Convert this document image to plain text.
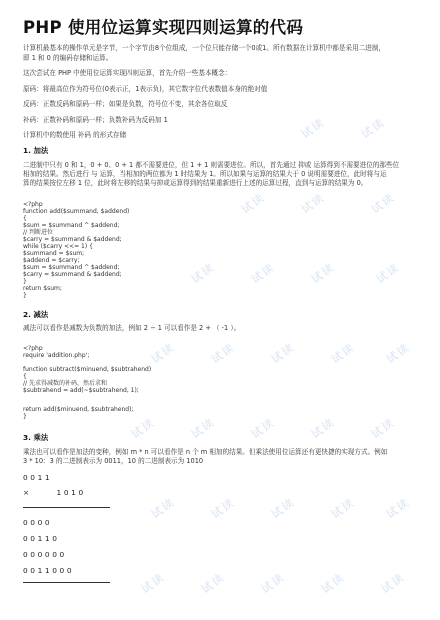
PHP 使用位运算实现四则运算的代码
计算机最基本的操作单元是字节，一个字节由8个位组成，一个位只能存储一个0或1。所有数据在计算机中都是采用二进制，
即 1 和 0 的编码存储和运算。
这次尝试在 PHP 中使用位运算实现四则运算，首先介绍一些基本概念：
原码：将最高位作为符号位(0表示正，1表示负)，其它数字位代表数值本身的绝对值
反码：正数反码和原码一样；如果是负数，符号位不变，其余各位取反
补码：正数补码和原码一样；负数补码为反码加 1
计算机中的数使用 补码 的形式存储
1. 加法
二进制中只有 0 和 1，0 + 0、0 + 1 都不需要进位，但 1 + 1 则需要进位。所以，首先通过 抑或 运算得到不需要进位的那些位
相加的结果。然后进行 与 运算，当相加的两位都为 1 时结果为 1。所以如果与运算的结果大于 0 说明需要进位，此时将与运
算的结果按位左移 1 位，此时将左移的结果与抑或运算得到的结果重新进行上述的运算过程，直到与运算的结果为 0。
<?php
function add($summand, $addend)
{
$sum = $summand ^ $addend;
// 判断进位
$carry = $summand & $addend;
while ($carry <<= 1) {
$summand = $sum;
$addend = $carry;
$sum = $summand ^ $addend;
$carry = $summand & $addend;
}
return $sum;
}
2. 减法
减法可以看作是减数为负数的加法，例如 2 − 1 可以看作是 2 + （ -1 ）。
<?php
require 'addition.php';
function subtract($minuend, $subtrahend)
{
// 先求得减数的补码，然后求和
$subtrahend = add(~$subtrahend, 1);
return add($minuend, $subtrahend);
}
3. 乘法
乘法也可以看作是加法的变种，例如 m * n 可以看作是 n 个 m 相加的结果。但乘法使用位运算还有更快捷的实现方式。例如
3 * 10：3 的二进制表示为 0011，10 的二进制表示为 1010
0011
×     1010
0000
00110
000000
0011000
试读	试读
试读	试读	试读
试读	试读	试读	试读
试读	试读	试读	试读 试读
试读	试读	试读	试读	试读
试读	试读	试读	试读 试读
试读	试读	试读	试读	试读
